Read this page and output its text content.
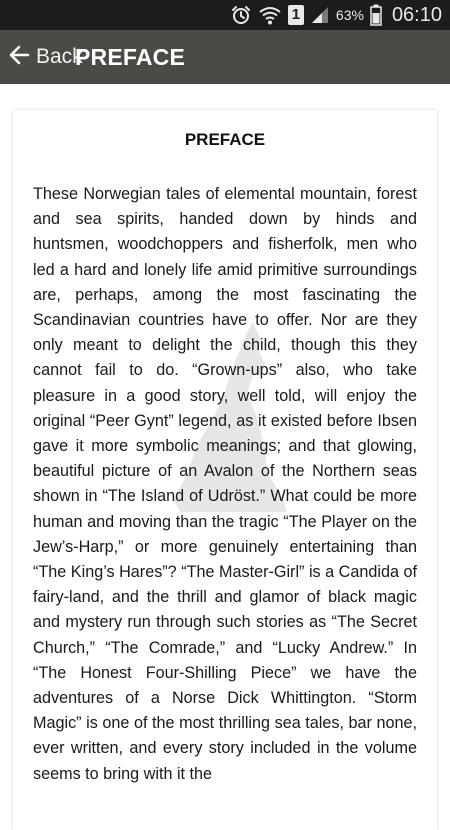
1	63% 06:10
Back
PREFACE
PREFACE

These Norwegian tales of elemental mountain, forest and sea spirits, handed down by hinds and huntsmen, woodchoppers and fisherfolk, men who led a hard and lonely life amid primitive surroundings are, perhaps, among the most fascinating the Scandinavian countries have to offer. Nor are they only meant to delight the child, though this they cannot fail to do. “Grown-ups” also, who take pleasure in a good story, well told, will enjoy the original “Peer Gynt” legend, as it existed before Ibsen gave it more symbolic meanings; and that glowing, beautiful picture of an Avalon of the Northern seas shown in “The Island of Udröst.” What could be more human and moving than the tragic “The Player on the Jew’s-Harp,” or more genuinely entertaining than “The King’s Hares”? “The Master-Girl” is a Candida of fairy-land, and the thrill and glamor of black magic and mystery run through such stories as “The Secret Church,” “The Comrade,” and “Lucky Andrew.” In “The Honest Four-Shilling Piece” we have the adventures of a Norse Dick Whittington. “Storm Magic” is one of the most thrilling sea tales, bar none, ever written, and every story included in the volume seems to bring with it the
